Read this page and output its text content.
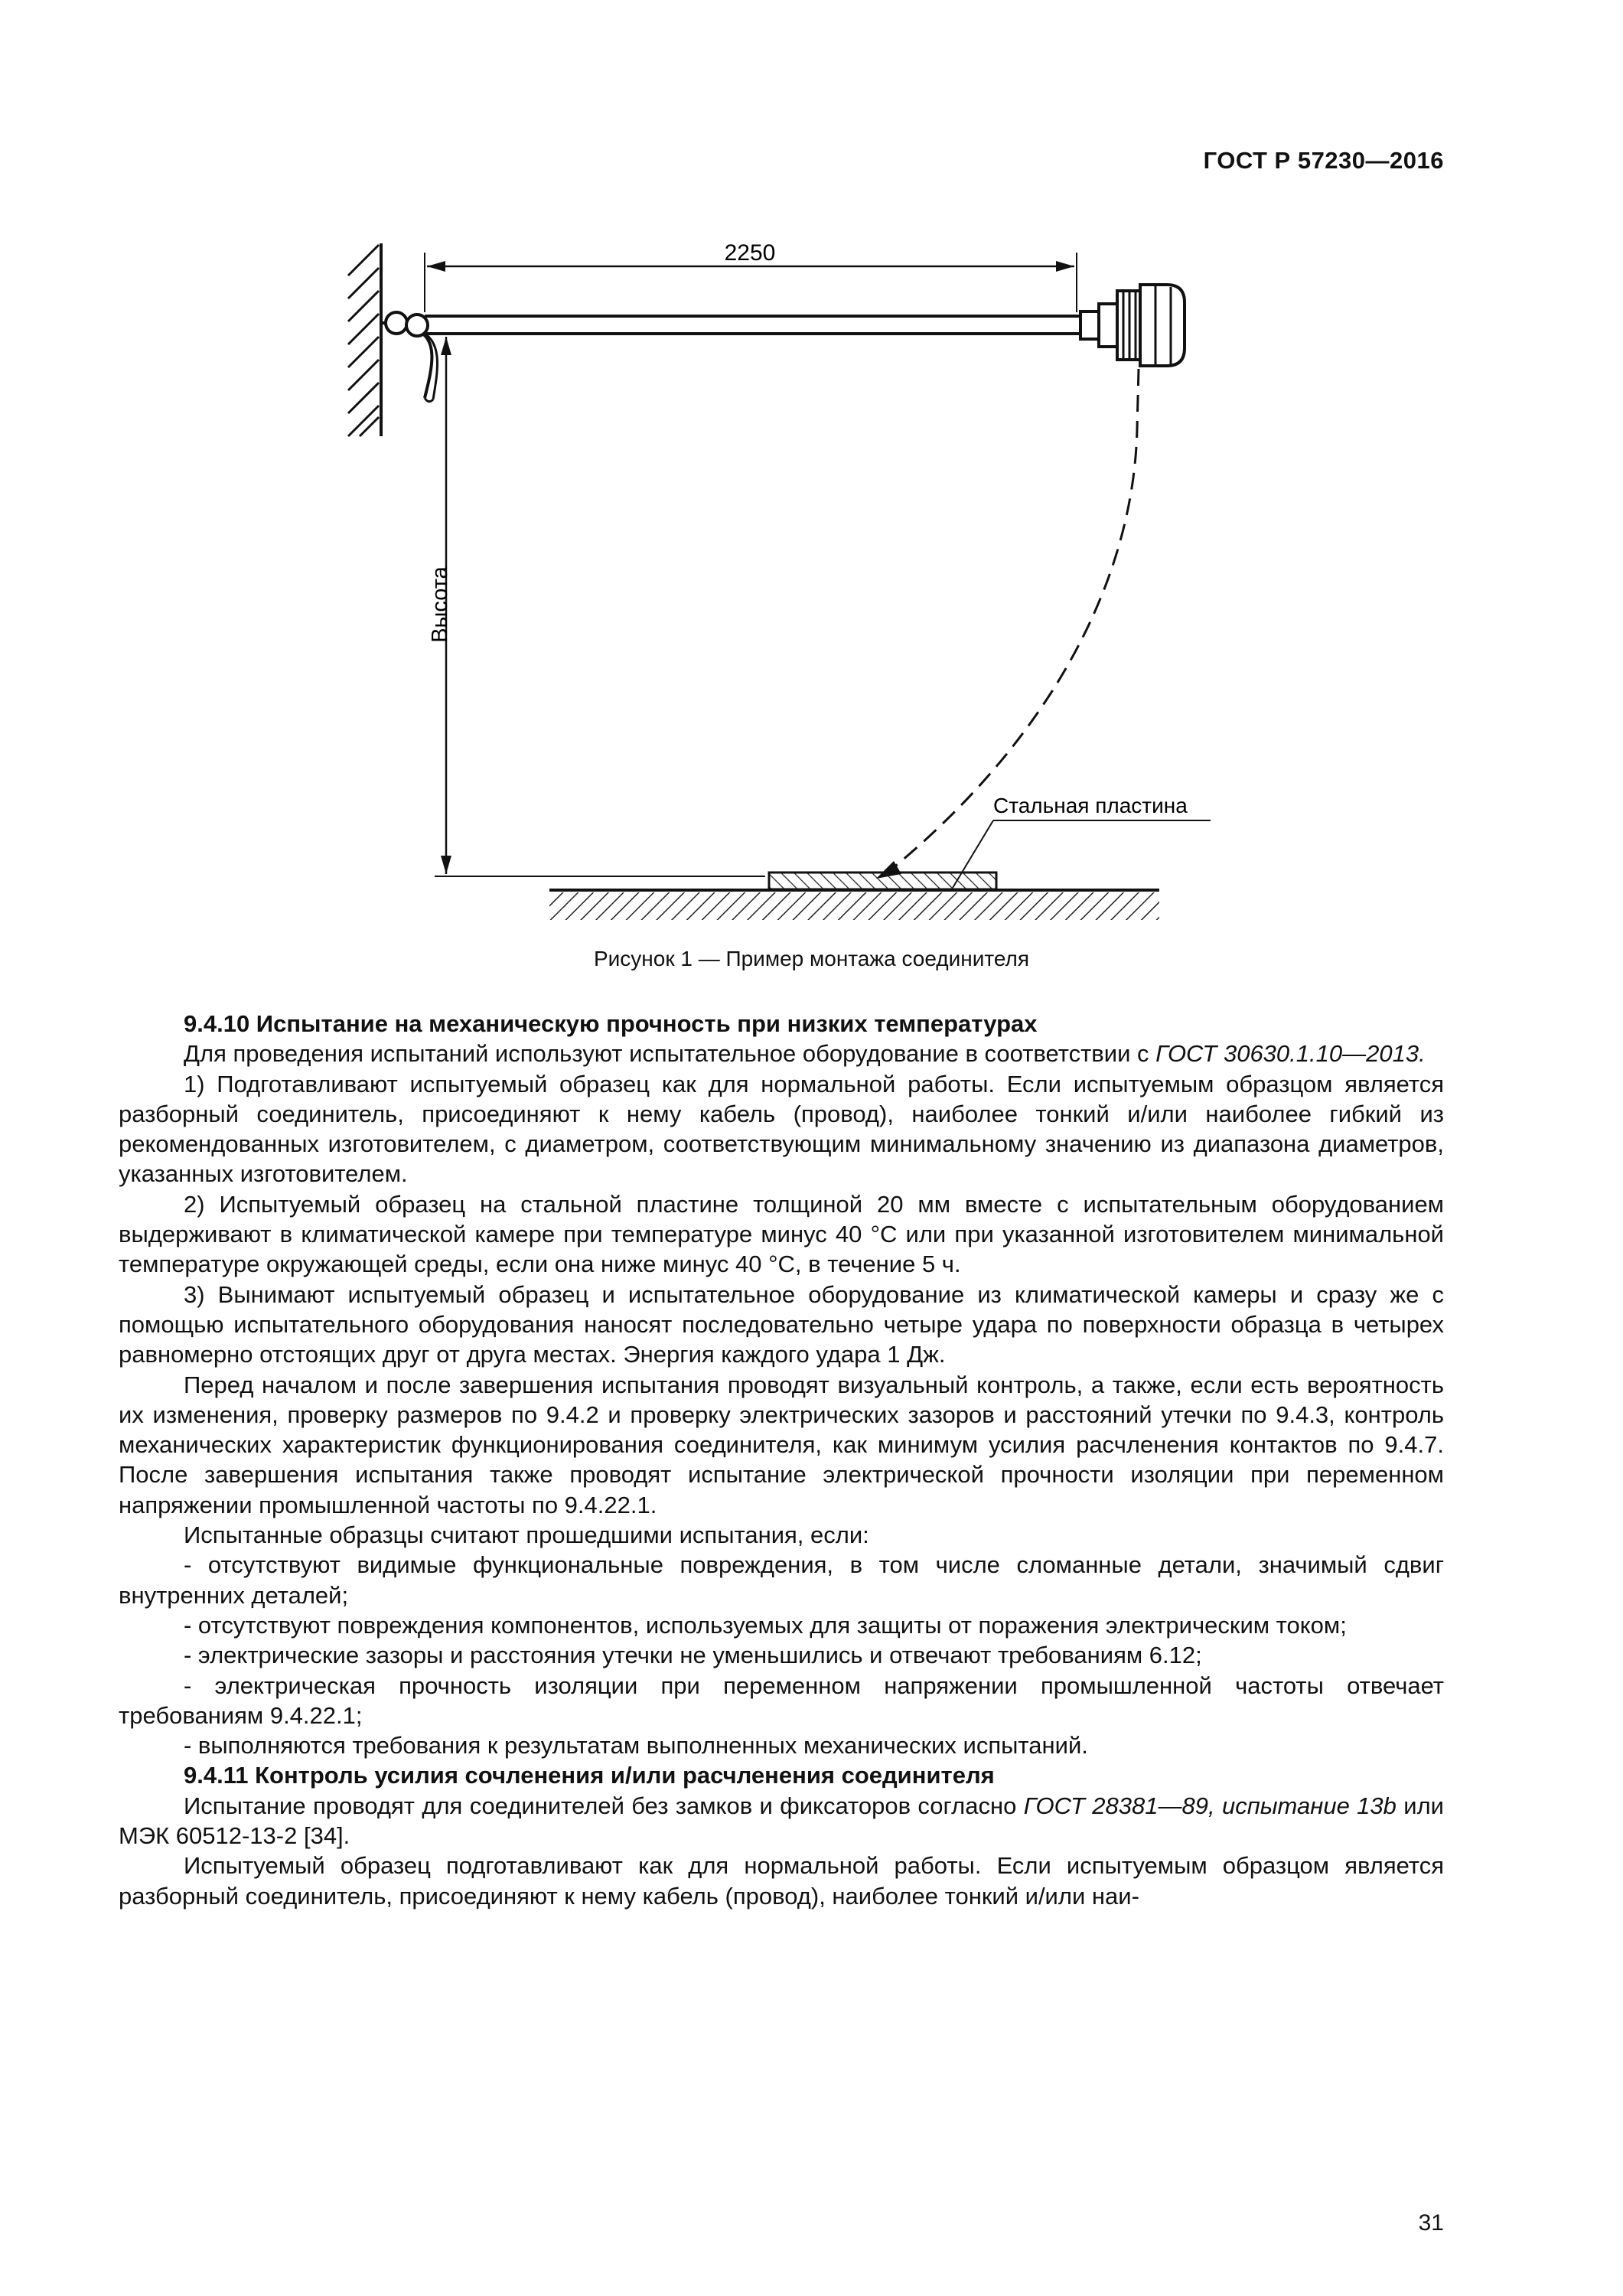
ГОСТ Р 57230—2016
2250
Высота
Стальная пластина
Рисунок 1 — Пример монтажа соединителя

9.4.10 Испытание на механическую прочность при низких температурах

Для проведения испытаний используют испытательное оборудование в соответствии с ГОСТ 30630.1.10—2013.

1) Подготавливают испытуемый образец как для нормальной работы. Если испытуемым образцом является разборный соединитель, присоединяют к нему кабель (провод), наиболее тонкий и/или наиболее гибкий из рекомендованных изготовителем, с диаметром, соответствующим минимальному значению из диапазона диаметров, указанных изготовителем.

2) Испытуемый образец на стальной пластине толщиной 20 мм вместе с испытательным оборудованием выдерживают в климатической камере при температуре минус 40 °С или при указанной изготовителем минимальной температуре окружающей среды, если она ниже минус 40 °С, в течение 5 ч.

3) Вынимают испытуемый образец и испытательное оборудование из климатической камеры и сразу же с помощью испытательного оборудования наносят последовательно четыре удара по поверхности образца в четырех равномерно отстоящих друг от друга местах. Энергия каждого удара 1 Дж.

Перед началом и после завершения испытания проводят визуальный контроль, а также, если есть вероятность их изменения, проверку размеров по 9.4.2 и проверку электрических зазоров и расстояний утечки по 9.4.3, контроль механических характеристик функционирования соединителя, как минимум усилия расчленения контактов по 9.4.7. После завершения испытания также проводят испытание электрической прочности изоляции при переменном напряжении промышленной частоты по 9.4.22.1.

Испытанные образцы считают прошедшими испытания, если:

- отсутствуют видимые функциональные повреждения, в том числе сломанные детали, значимый сдвиг внутренних деталей;

- отсутствуют повреждения компонентов, используемых для защиты от поражения электрическим током;

- электрические зазоры и расстояния утечки не уменьшились и отвечают требованиям 6.12;

- электрическая прочность изоляции при переменном напряжении промышленной частоты отвечает требованиям 9.4.22.1;

- выполняются требования к результатам выполненных механических испытаний.

9.4.11 Контроль усилия сочленения и/или расчленения соединителя

Испытание проводят для соединителей без замков и фиксаторов согласно ГОСТ 28381—89, испытание 13b или МЭК 60512-13-2 [34].

Испытуемый образец подготавливают как для нормальной работы. Если испытуемым образцом является разборный соединитель, присоединяют к нему кабель (провод), наиболее тонкий и/или наи-

31
